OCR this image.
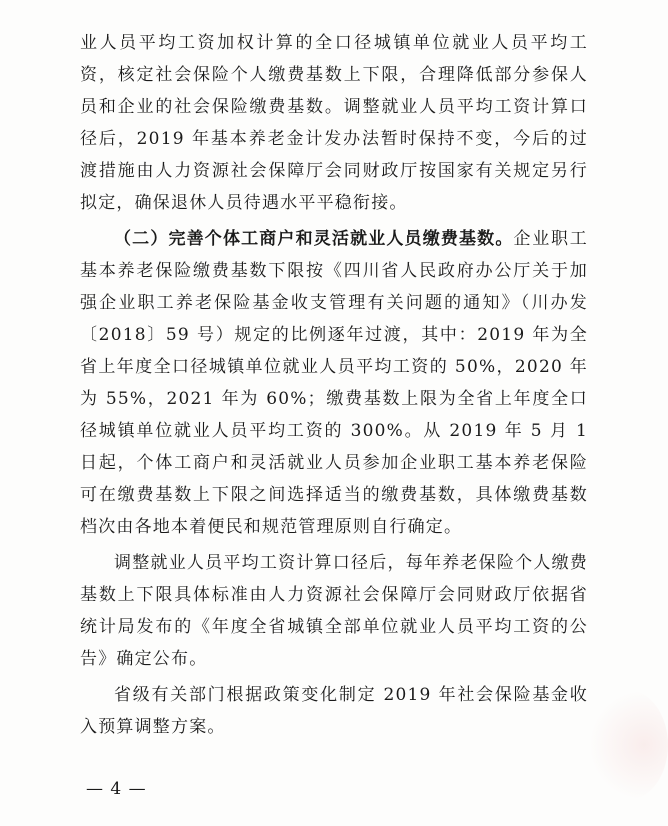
业人员平均工资加权计算的全口径城镇单位就业人员平均工资，核定社会保险个人缴费基数上下限，合理降低部分参保人员和企业的社会保险缴费基数。调整就业人员平均工资计算口径后，2019 年基本养老金计发办法暂时保持不变，今后的过渡措施由人力资源社会保障厅会同财政厅按国家有关规定另行拟定，确保退休人员待遇水平平稳衔接。

（二）完善个体工商户和灵活就业人员缴费基数。企业职工基本养老保险缴费基数下限按《四川省人民政府办公厅关于加强企业职工养老保险基金收支管理有关问题的通知》（川办发〔2018〕59 号）规定的比例逐年过渡，其中：2019 年为全省上年度全口径城镇单位就业人员平均工资的 50%，2020 年为 55%，2021 年为 60%；缴费基数上限为全省上年度全口径城镇单位就业人员平均工资的 300%。从 2019 年 5 月 1 日起，个体工商户和灵活就业人员参加企业职工基本养老保险可在缴费基数上下限之间选择适当的缴费基数，具体缴费基数档次由各地本着便民和规范管理原则自行确定。

调整就业人员平均工资计算口径后，每年养老保险个人缴费基数上下限具体标准由人力资源社会保障厅会同财政厅依据省统计局发布的《年度全省城镇全部单位就业人员平均工资的公告》确定公布。

省级有关部门根据政策变化制定 2019 年社会保险基金收入预算调整方案。

— 4 —
